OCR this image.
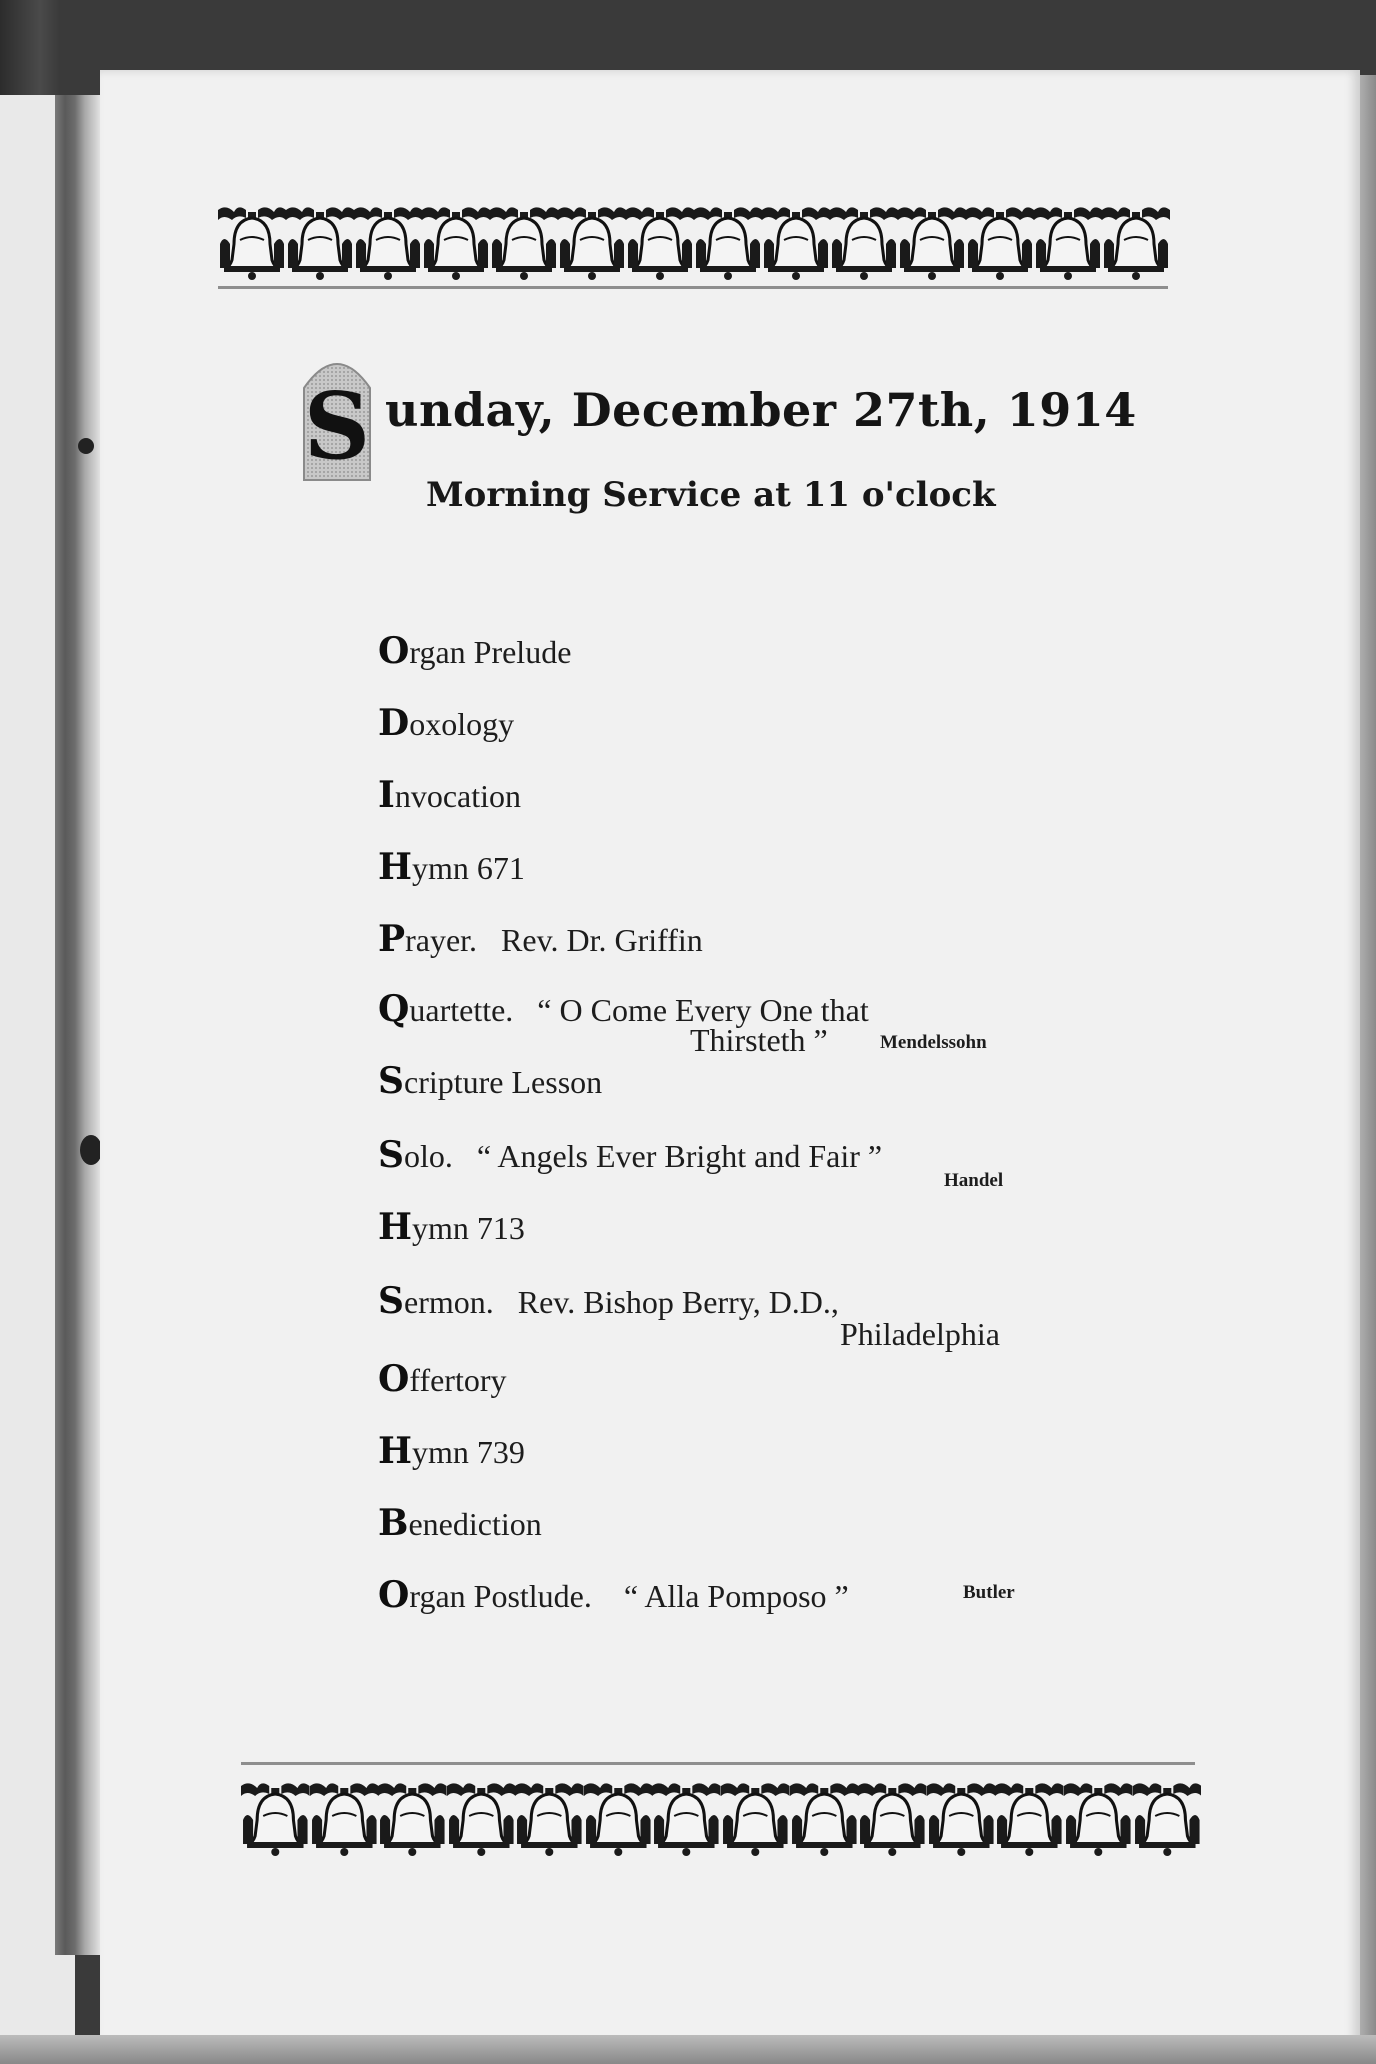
S unday, December 27th, 1914
Morning Service at 11 o'clock
Organ Prelude
Doxology
Invocation
Hymn 671
Prayer. Rev. Dr. Griffin
Quartette. “ O Come Every One that
Thirsteth ”	Mendelssohn
Scripture Lesson
Solo. “ Angels Ever Bright and Fair ”
Handel
Hymn 713
Sermon. Rev. Bishop Berry, D.D.,
Philadelphia
Offertory
Hymn 739
Benediction
Organ Postlude. “ Alla Pomposo ”	Butler
